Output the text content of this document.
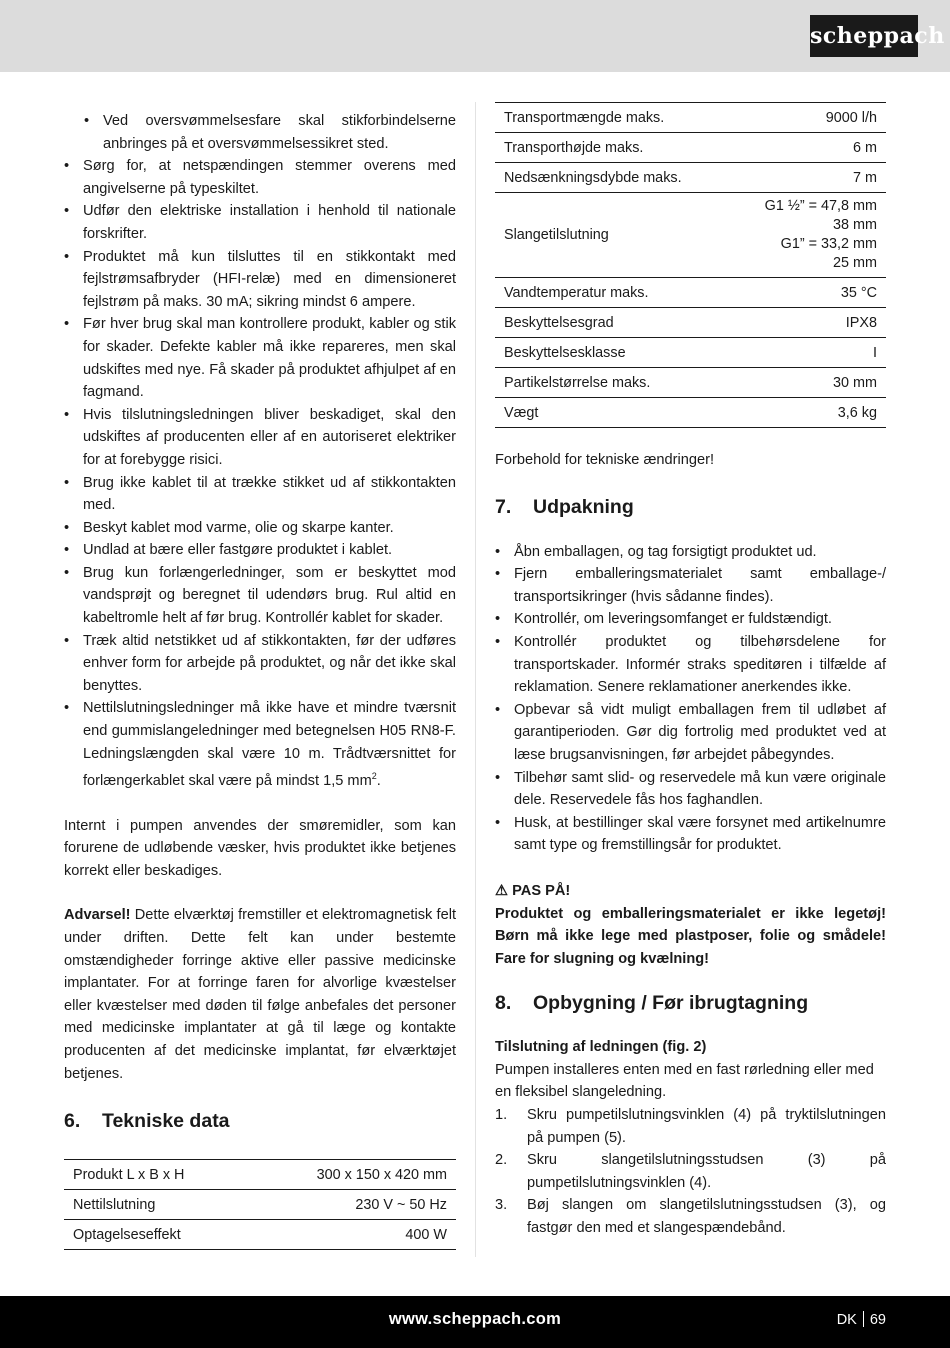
scheppach
• Ved oversvømmelsesfare skal stikforbindelserne anbringes på et oversvømmelsessikret sted.
• Sørg for, at netspændingen stemmer overens med angivelserne på typeskiltet.
• Udfør den elektriske installation i henhold til nationale forskrifter.
• Produktet må kun tilsluttes til en stikkontakt med fejlstrømsafbryder (HFI-relæ) med en dimensioneret fejlstrøm på maks. 30 mA; sikring mindst 6 ampere.
• Før hver brug skal man kontrollere produkt, kabler og stik for skader. Defekte kabler må ikke repareres, men skal udskiftes med nye. Få skader på produktet afhjulpet af en fagmand.
• Hvis tilslutningsledningen bliver beskadiget, skal den udskiftes af producenten eller af en autoriseret elektriker for at forebygge risici.
• Brug ikke kablet til at trække stikket ud af stikkontakten med.
• Beskyt kablet mod varme, olie og skarpe kanter.
• Undlad at bære eller fastgøre produktet i kablet.
• Brug kun forlængerledninger, som er beskyttet mod vandsprøjt og beregnet til udendørs brug. Rul altid en kabeltromle helt af før brug. Kontrollér kablet for skader.
• Træk altid netstikket ud af stikkontakten, før der udføres enhver form for arbejde på produktet, og når det ikke skal benyttes.
• Nettilslutningsledninger må ikke have et mindre tværsnit end gummislangeledninger med betegnelsen H05 RN8-F. Ledningslængden skal være 10 m. Trådtværsnittet for forlængerkablet skal være på mindst 1,5 $mm^2$.

Internt i pumpen anvendes der smøremidler, som kan forurene de udløbende væsker, hvis produktet ikke betjenes korrekt eller beskadiges.

Advarsel! Dette elværktøj fremstiller et elektromagnetisk felt under driften. Dette felt kan under bestemte omstændigheder forringe aktive eller passive medicinske implantater. For at forringe faren for alvorlige kvæstelser eller kvæstelser med døden til følge anbefales det personer med medicinske implantater at gå til læge og kontakte producenten af det medicinske implantat, før elværktøjet betjenes.

6.	Tekniske data
Produkt L x B x H	300 x 150 x 420 mm
Nettilslutning	230 V ~ 50 Hz
Optagelseseffekt	400 W
Transportmængde maks.	9000 l/h
Transporthøjde maks.	6 m
Nedsænkningsdybde maks.	7 m
Slangetilslutning	G1 ½” = 47,8 mm
38 mm
G1” = 33,2 mm
25 mm

Vandtemperatur maks.	35 °C
Beskyttelsesgrad	IPX8
Beskyttelsesklasse	I
Partikelstørrelse maks.	30 mm
Vægt	3,6 kg

Forbehold for tekniske ændringer!

7.	Udpakning
• Åbn emballagen, og tag forsigtigt produktet ud.
• Fjern emballeringsmaterialet samt emballage-/ transportsikringer (hvis sådanne findes).
• Kontrollér, om leveringsomfanget er fuldstændigt.
• Kontrollér produktet og tilbehørsdelene for transportskader. Informér straks speditøren i tilfælde af reklamation. Senere reklamationer anerkendes ikke.
• Opbevar så vidt muligt emballagen frem til udløbet af garantiperioden. Gør dig fortrolig med produktet ved at læse brugsanvisningen, før arbejdet påbegyndes.
• Tilbehør samt slid- og reservedele må kun være originale dele. Reservedele fås hos faghandlen.
• Husk, at bestillinger skal være forsynet med artikelnumre samt type og fremstillingsår for produktet.
⚠ PAS PÅ!

Produktet og emballeringsmaterialet er ikke legetøj! Børn må ikke lege med plastposer, folie og smådele! Fare for slugning og kvælning!

8.	Opbygning / Før ibrugtagning
Tilslutning af ledningen (fig. 2)

Pumpen installeres enten med en fast rørledning eller med en fleksibel slangeledning.

1. Skru pumpetilslutningsvinklen (4) på tryktilslutningen på pumpen (5).
2. Skru slangetilslutningsstudsen (3) på pumpetilslutningsvinklen (4).
3. Bøj slangen om slangetilslutningsstudsen (3), og fastgør den med et slangespændebånd.
www.scheppach.com	DK 69
